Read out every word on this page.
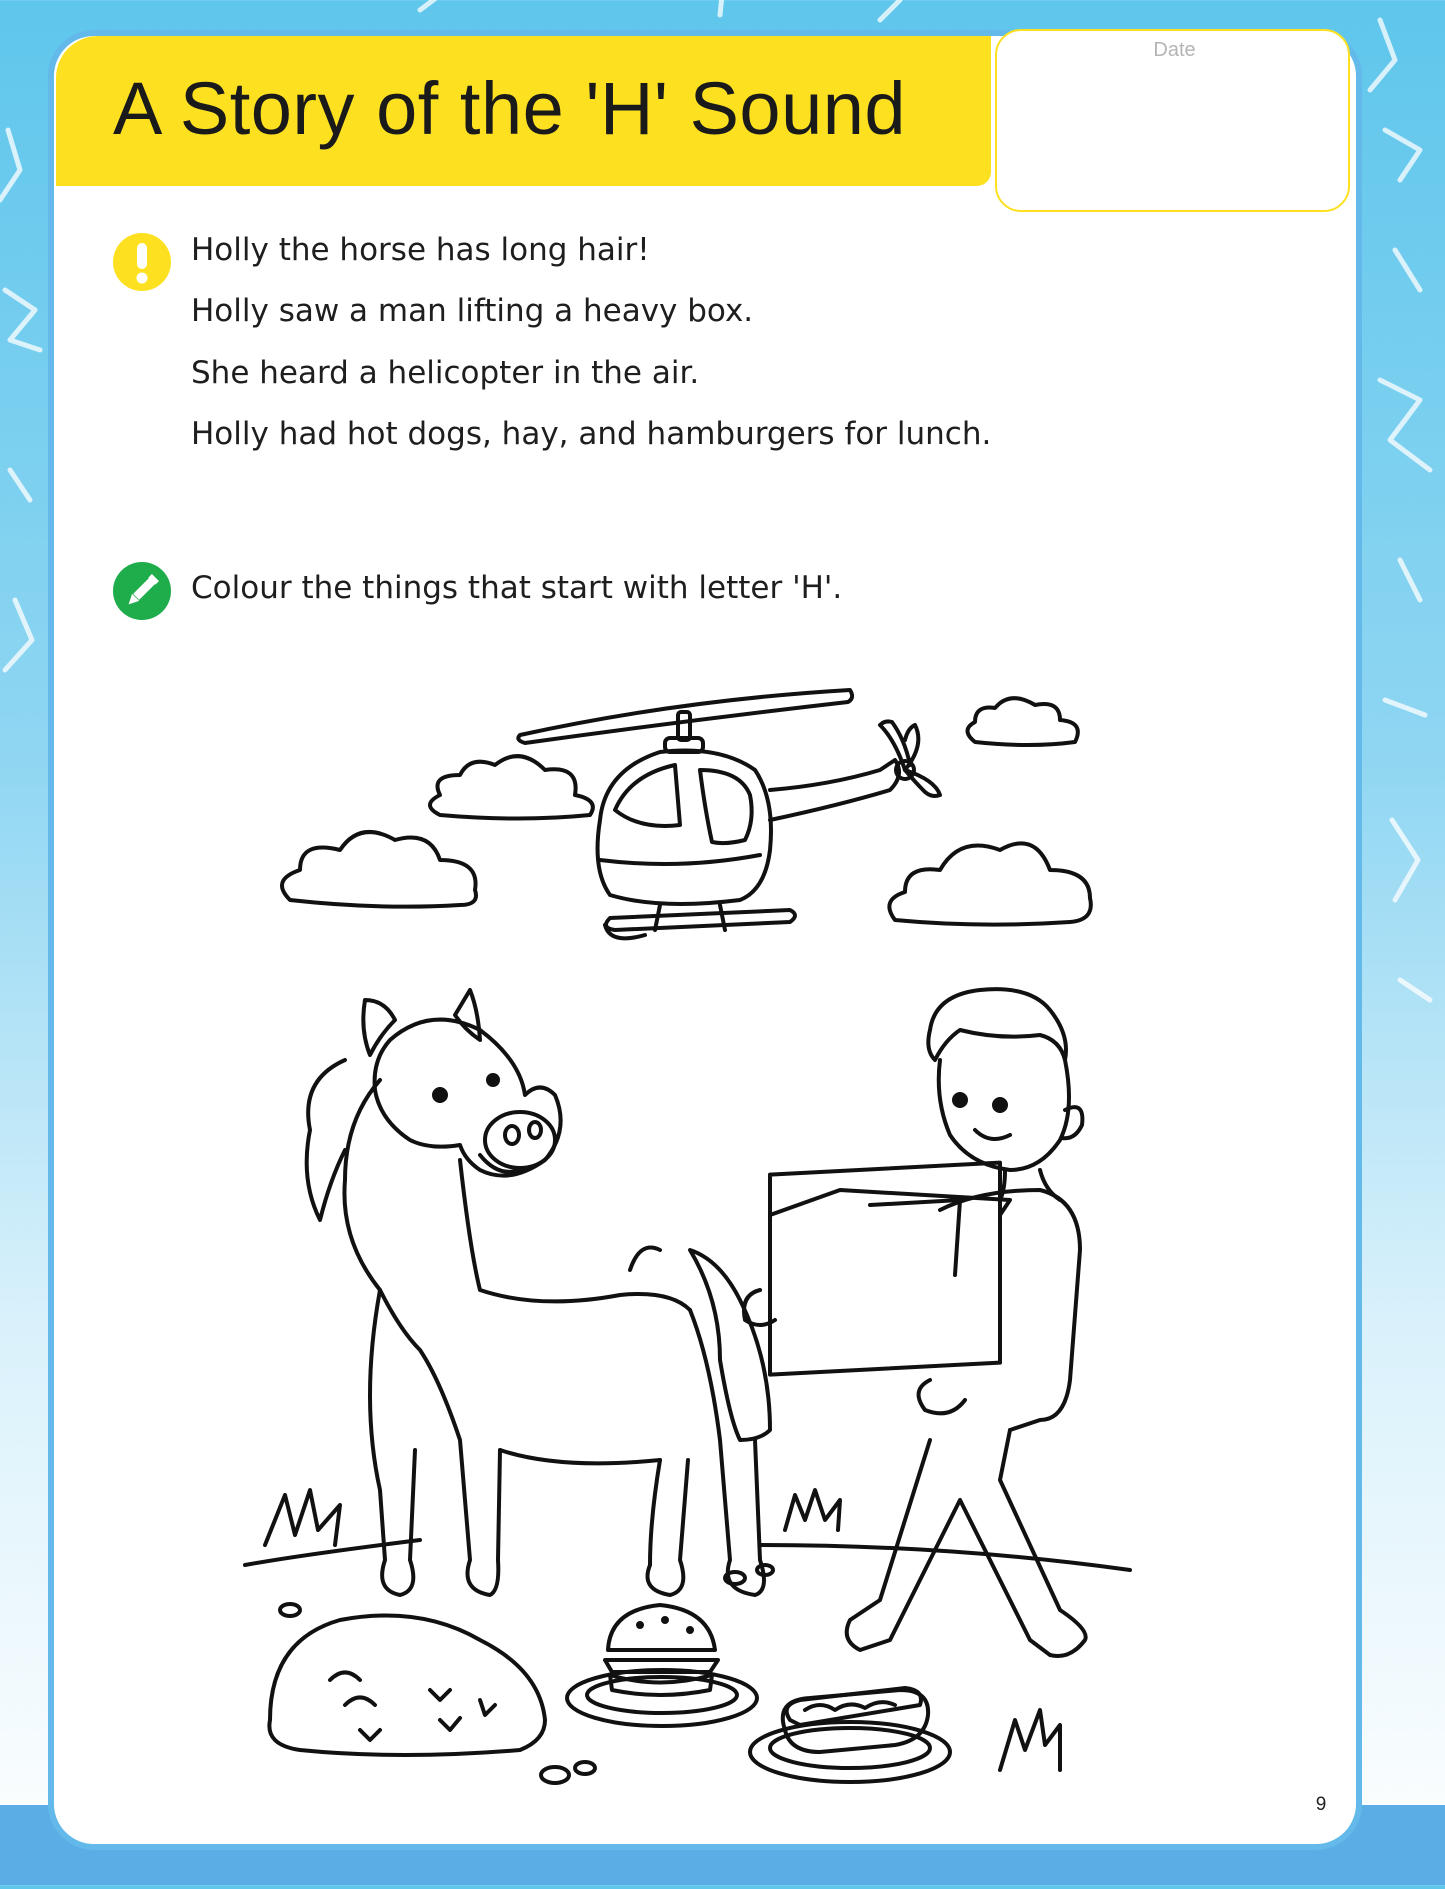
A Story of the 'H' Sound
Date

Holly the horse has long hair!

Holly saw a man lifting a heavy box.

She heard a helicopter in the air.

Holly had hot dogs, hay, and hamburgers for lunch.

Colour the things that start with letter 'H'.

9
